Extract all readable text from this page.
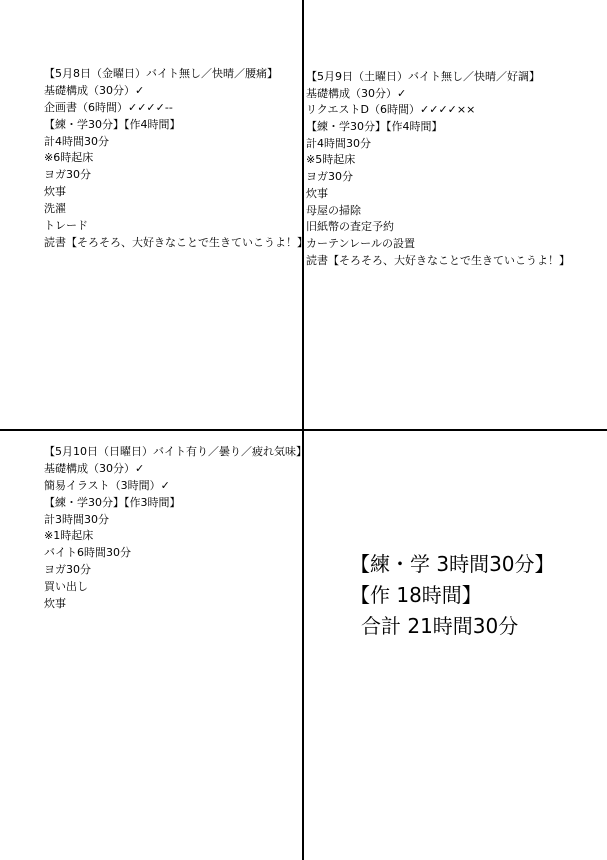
【5月8日（金曜日）バイト無し／快晴／腰痛】
基礎構成（30分）✓
企画書（6時間）✓✓✓✓--
【練・学30分】【作4時間】
計4時間30分
※6時起床
ヨガ30分
炊事
洗濯
トレード
読書【そろそろ、大好きなことで生きていこうよ！】
【5月9日（土曜日）バイト無し／快晴／好調】
基礎構成（30分）✓
リクエストD（6時間）✓✓✓✓××
【練・学30分】【作4時間】
計4時間30分
※5時起床
ヨガ30分
炊事
母屋の掃除
旧紙幣の査定予約
カーテンレールの設置
読書【そろそろ、大好きなことで生きていこうよ！】
【5月10日（日曜日）バイト有り／曇り／疲れ気味】
基礎構成（30分）✓
簡易イラスト（3時間）✓
【練・学30分】【作3時間】
計3時間30分
※1時起床
バイト6時間30分
ヨガ30分
買い出し
炊事
【練・学 3時間30分】
【作 18時間】
合計 21時間30分
